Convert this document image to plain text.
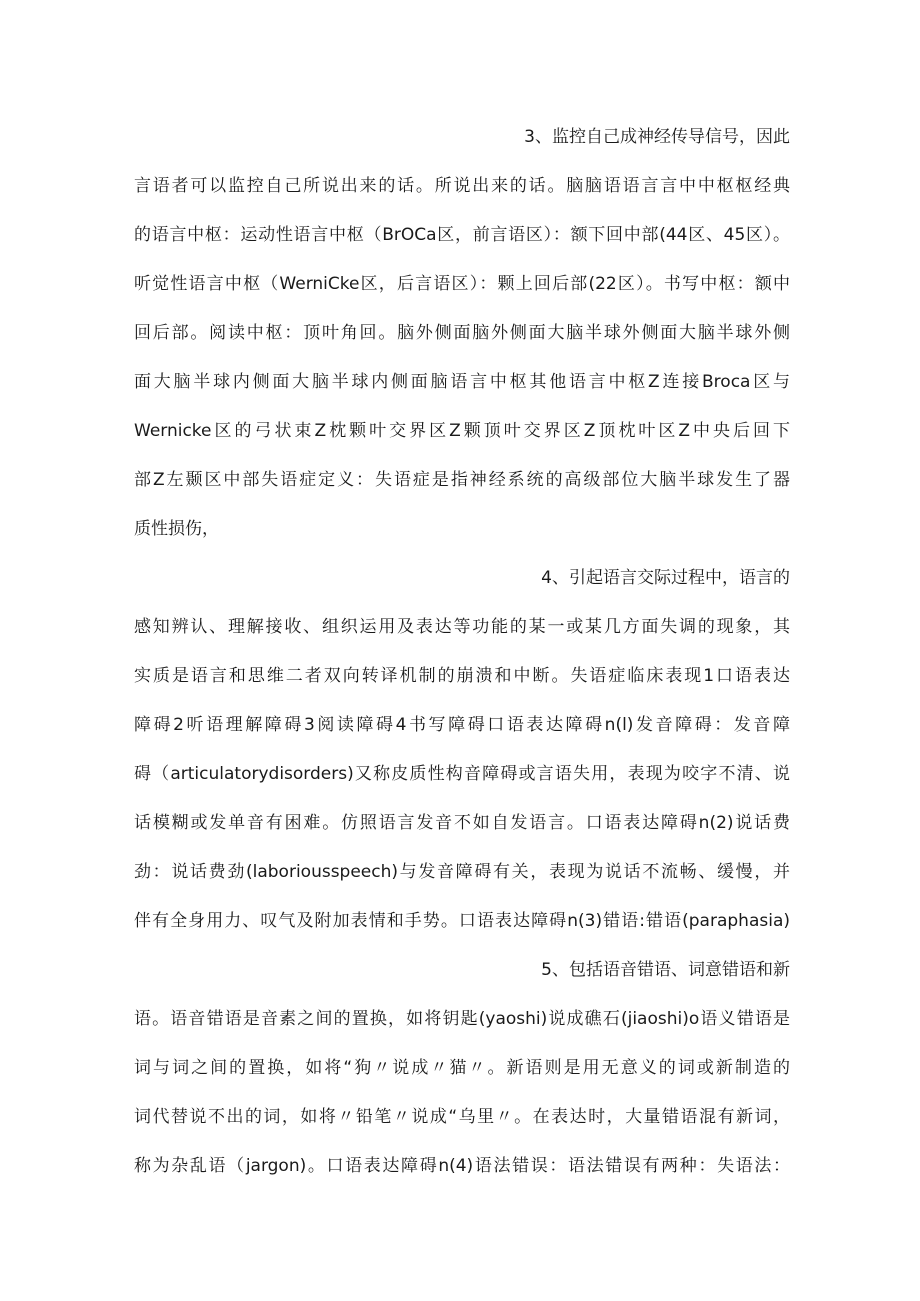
3、监控自己成神经传导信号，因此
言语者可以监控自己所说出来的话。所说出来的话。脑脑语语言言中中枢枢经典
的语言中枢：运动性语言中枢（BrOCa区，前言语区）：额下回中部(44区、45区）。
听觉性语言中枢（WerniCke区，后言语区）：颗上回后部(22区）。书写中枢：额中
回后部。阅读中枢：顶叶角回。脑外侧面脑外侧面大脑半球外侧面大脑半球外侧
面大脑半球内侧面大脑半球内侧面脑语言中枢其他语言中枢Z连接Broca区与
Wernicke区的弓状束Z枕颗叶交界区Z颗顶叶交界区Z顶枕叶区Z中央后回下
部Z左颞区中部失语症定义：失语症是指神经系统的高级部位大脑半球发生了器
质性损伤，
4、引起语言交际过程中，语言的
感知辨认、理解接收、组织运用及表达等功能的某一或某几方面失调的现象，其
实质是语言和思维二者双向转译机制的崩溃和中断。失语症临床表现1口语表达
障碍2听语理解障碍3阅读障碍4书写障碍口语表达障碍n(l)发音障碍：发音障
碍（articulatorydisorders)又称皮质性构音障碍或言语失用，表现为咬字不清、说
话模糊或发单音有困难。仿照语言发音不如自发语言。口语表达障碍n(2)说话费
劲：说话费劲(laboriousspeech)与发音障碍有关，表现为说话不流畅、缓慢，并
伴有全身用力、叹气及附加表情和手势。口语表达障碍n(3)错语:错语(paraphasia)
5、包括语音错语、词意错语和新
语。语音错语是音素之间的置换，如将钥匙(yaoshi)说成礁石(jiaoshi)o语义错语是
词与词之间的置换，如将“狗〃说成〃猫〃。新语则是用无意义的词或新制造的
词代替说不出的词，如将〃铅笔〃说成“乌里〃。在表达时，大量错语混有新词，
称为杂乱语（jargon)。口语表达障碍n(4)语法错误：语法错误有两种：失语法：
